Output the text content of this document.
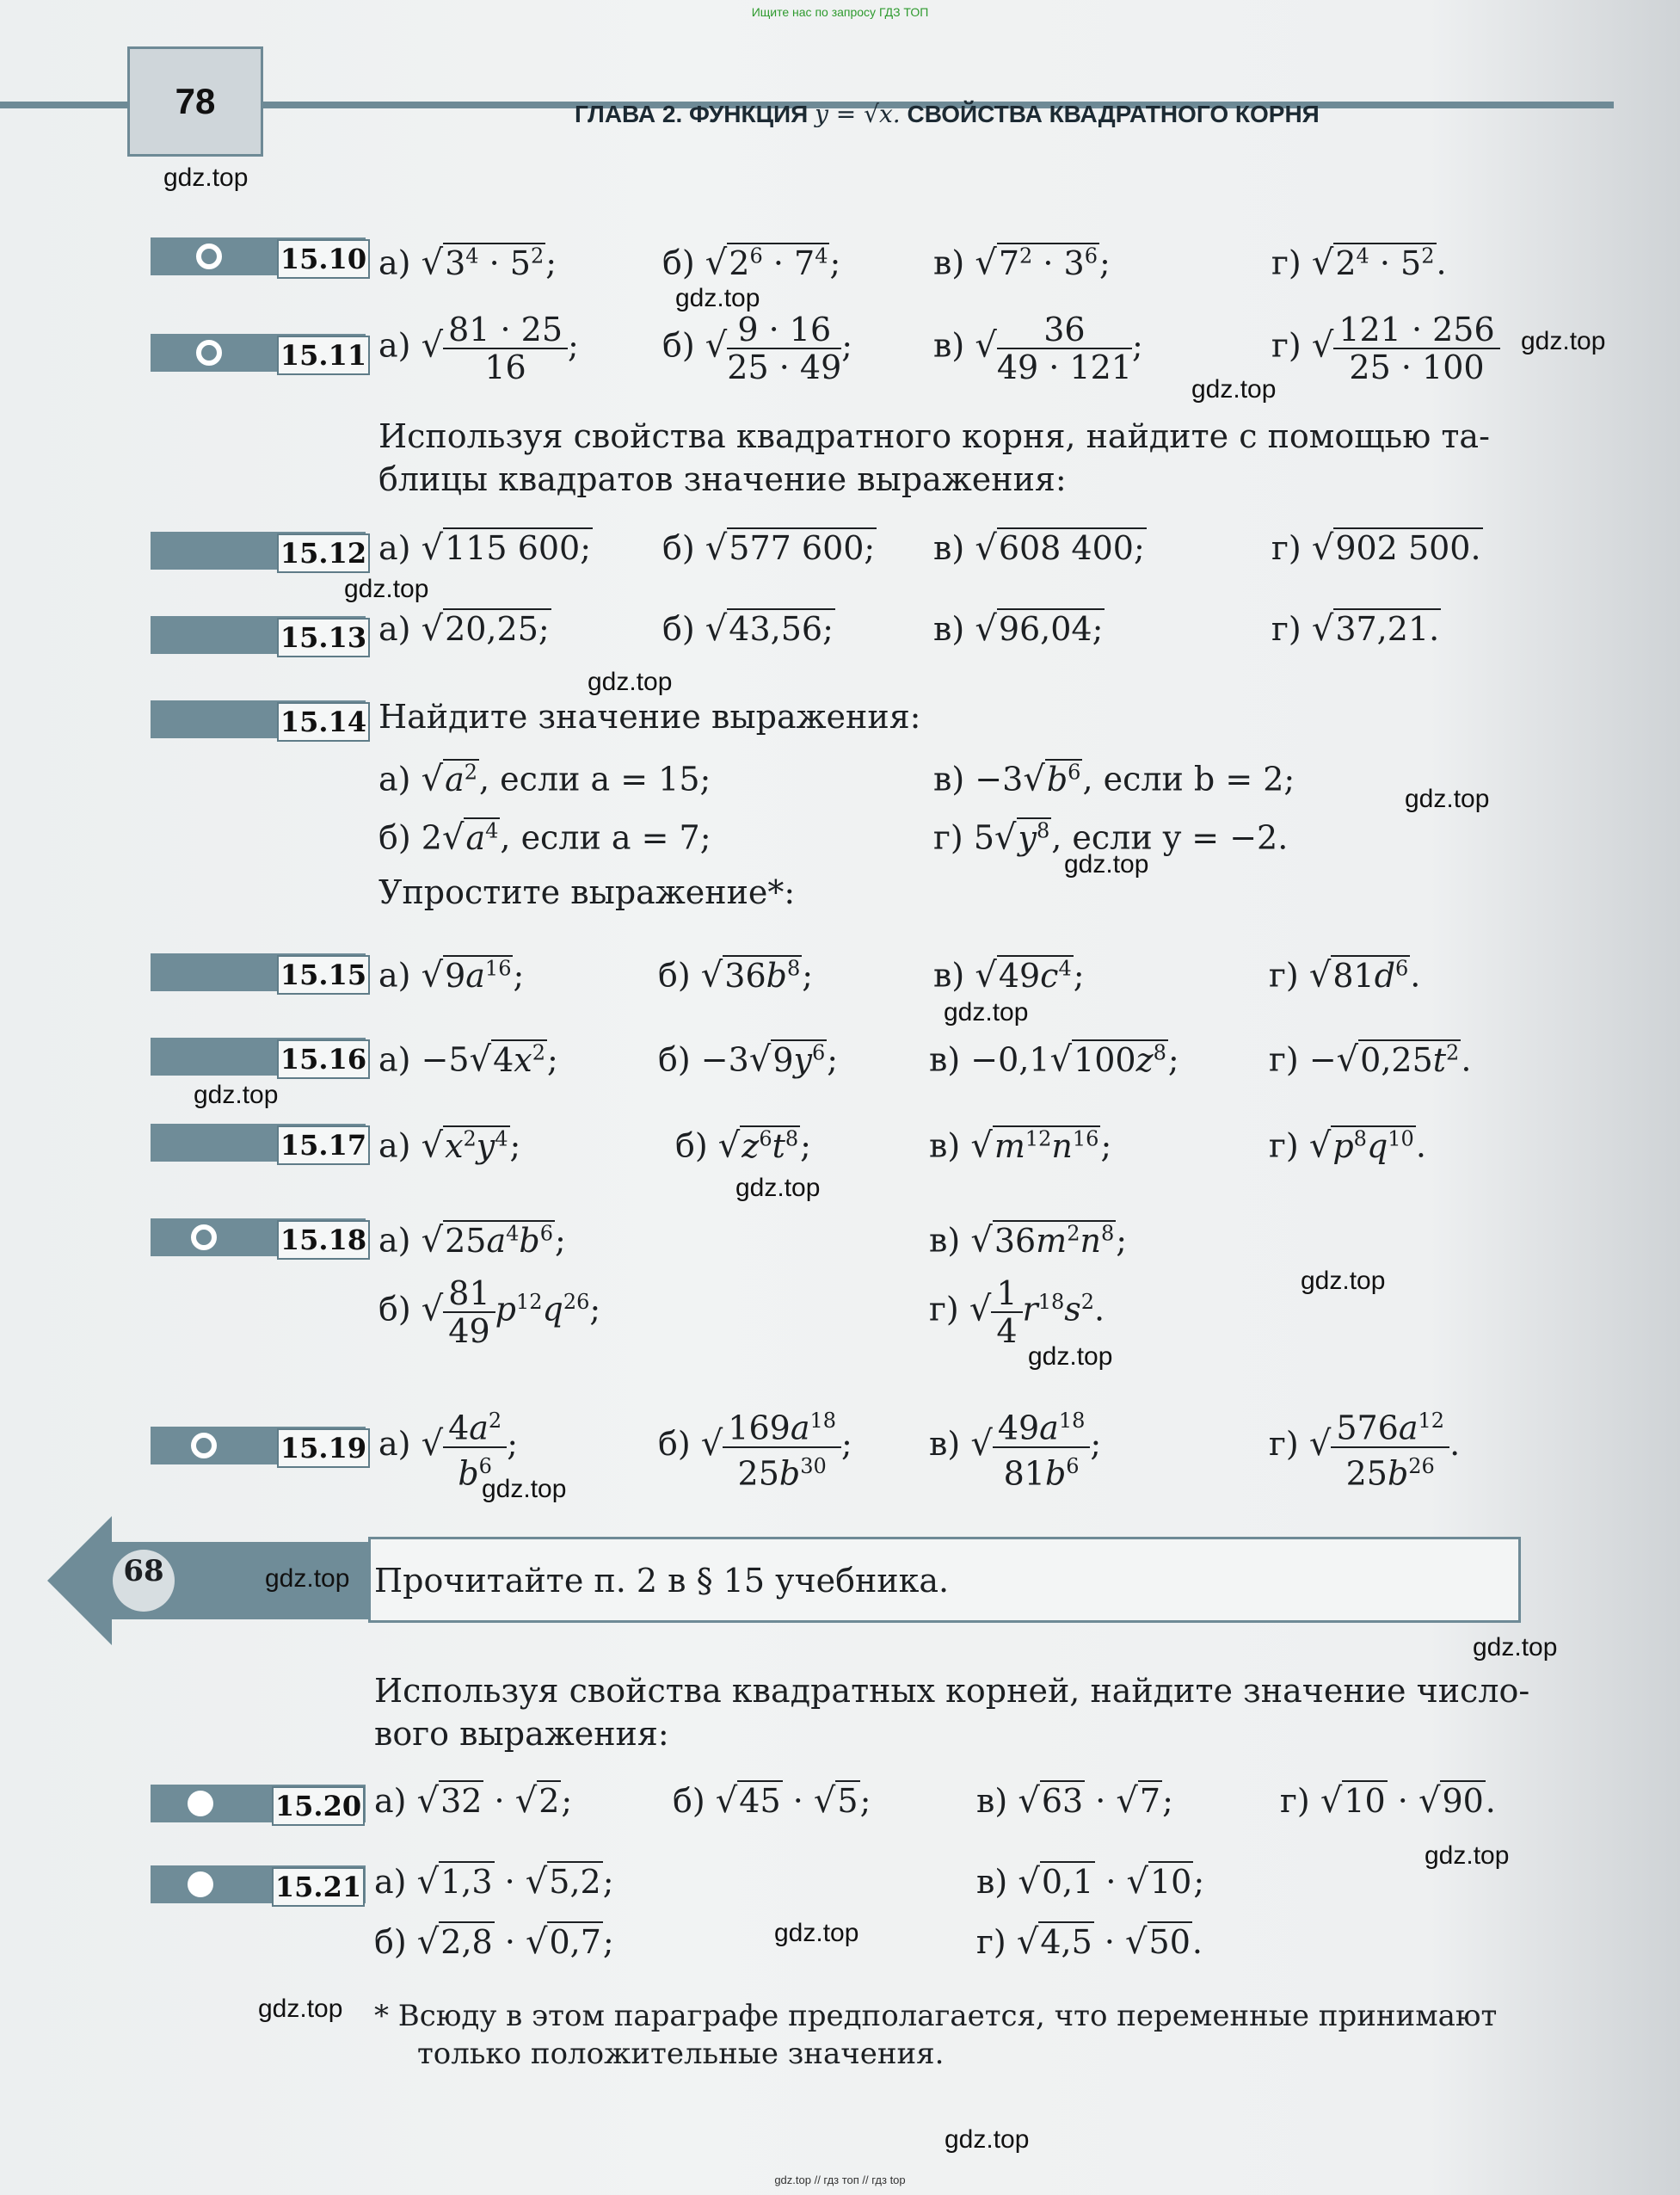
Ищите нас по запросу ГДЗ ТОП
78	ГЛАВА 2. ФУНКЦИЯ y = √x. СВОЙСТВА КВАДРАТНОГО КОРНЯ
gdz.top
15.10 а) $√3^4 \cdot 5^2$;	б) $√2^6 \cdot 7^4$;	в) $√7^2 \cdot 3^6$;	г) $√2^4 \cdot 5^2$.
gdz.top
15.11 а) √ $\frac{81 \cdot 25}{16}$ ;	б) √ $\frac{9 \cdot 16}{25 \cdot 49}$ ; в) √ $\frac{36}{49 \cdot 121}$ ;	г) √ $\frac{121 \cdot 256}{25 \cdot 100} gdz.top$
gdz.top
Используя свойства квадратного корня, найдите с помощью та-
блицы квадратов значение выражения:
15.12 а) √115 600; б) √577 600; в) √608 400;	г) √902 500.
gdz.top
15.13 а) √20,25;	б) √43,56;	в) √96,04;	г) √37,21.
gdz.top
15.14 Найдите значение выражения:
а) $√a^2$, если a = 15;	$в) -3√b^6$, если b = 2;
б) $2√a^4$, если a = 7;	г) $5√y^8$, если y = −2.
gdz.top
gdz.top
Упростите выражение*:
15.15 а) $√9a^{16}$;	б) $√36b^8$;	в) $√49c^4$;	г) $√81d^6$.
gdz.top
15.16 $а) -5√4x^2$;	$б) -3√9y^6$;	$в) -0,1√100z^8$;	$г) -√0,25t^2$.
gdz.top
15.17 а) $√x^2y^4$;	б) $√z^6t^8$;	в) $√m^{12}n^{16}$;	г) $√p^8q^{10}$.
gdz.top
15.18 а) $√25a^4b^6$;	в) $√36m^2n^8$;
gdz.top
б) √ $\frac{81}{49} p^{12}q^{26}$;	г) √ $\frac{1}{4} r^{18}s^2$.
gdz.top
15.19 а) √ $\frac{4a^2}{b^6}$ ;	б) √ $\frac{169a^{18}}{25b^{30}}$ ; в) √ $\frac{49a^{18}}{81b^6}$ ;	г) √ $\frac{576a^{12}}{25b^{26}}$ .
gdz.top
68	gdz.top Прочитайте п. 2 в § 15 учебника.
gdz.top
Используя свойства квадратных корней, найдите значение число-
вого выражения:
15.20 а) √32 · √2;	б) √45 · √5;	в) √63 · √7;	г) √10 · √90.
gdz.top
15.21 а) √1,3 · √5,2;	в) √0,1 · √10;
б) √2,8 · √0,7;	г) √4,5 · √50.
gdz.top
gdz.top * Всюду в этом параграфе предполагается, что переменные принимают
только положительные значения.
gdz.top
gdz.top // гдз топ // гдз top
